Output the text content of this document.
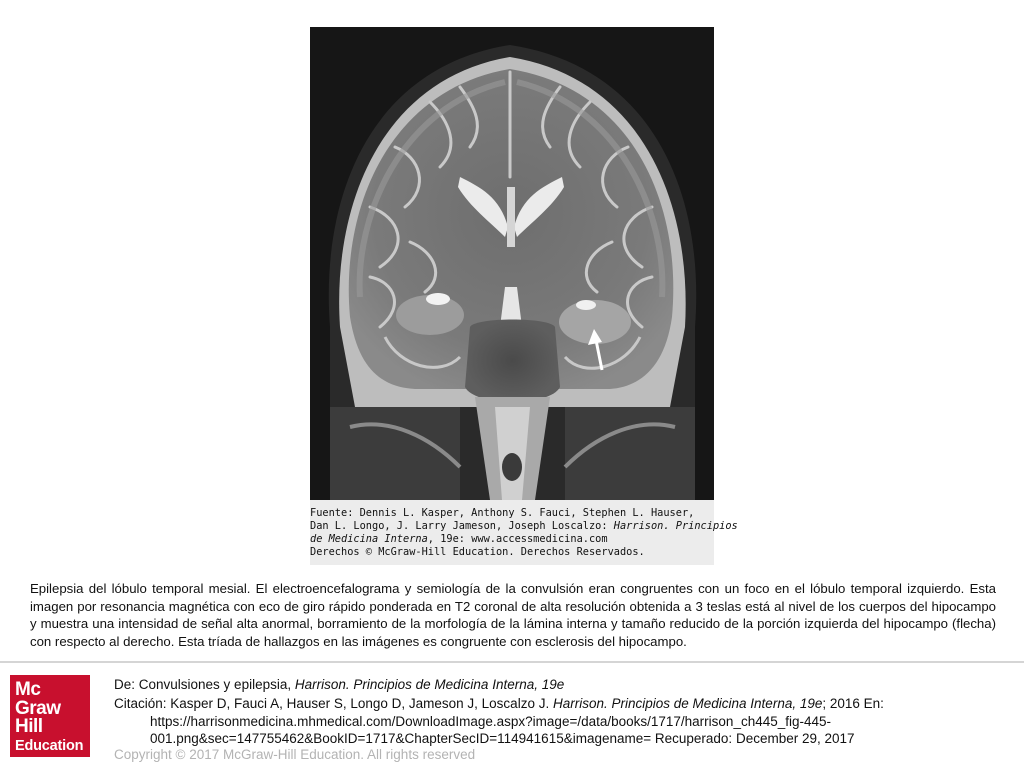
Fuente: Dennis L. Kasper, Anthony S. Fauci, Stephen L. Hauser,
Dan L. Longo, J. Larry Jameson, Joseph Loscalzo: Harrison. Principios
de Medicina Interna, 19e: www.accessmedicina.com
Derechos © McGraw-Hill Education. Derechos Reservados.

Epilepsia del lóbulo temporal mesial. El electroencefalograma y semiología de la convulsión eran congruentes con un foco en el lóbulo temporal izquierdo. Esta imagen por resonancia magnética con eco de giro rápido ponderada en T2 coronal de alta resolución obtenida a 3 teslas está al nivel de los cuerpos del hipocampo y muestra una intensidad de señal alta anormal, borramiento de la morfología de la lámina interna y tamaño reducido de la porción izquierda del hipocampo (flecha) con respecto al derecho. Esta tríada de hallazgos en las imágenes es congruente con esclerosis del hipocampo.

Mc
Graw
Hill
Education
De: Convulsiones y epilepsia, Harrison. Principios de Medicina Interna, 19e
Citación: Kasper D, Fauci A, Hauser S, Longo D, Jameson J, Loscalzo J. Harrison. Principios de Medicina Interna, 19e; 2016 En:
https://harrisonmedicina.mhmedical.com/DownloadImage.aspx?image=/data/books/1717/harrison_ch445_fig-445-
001.png&sec=147755462&BookID=1717&ChapterSecID=114941615&imagename= Recuperado: December 29, 2017
Copyright © 2017 McGraw-Hill Education. All rights reserved
